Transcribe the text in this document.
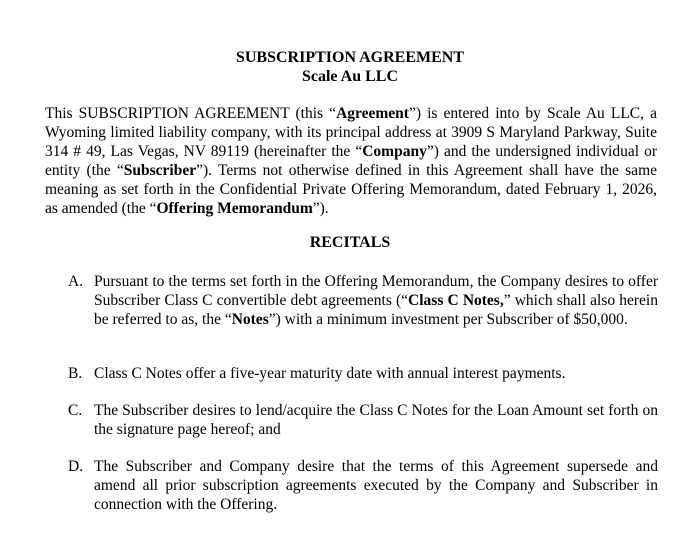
SUBSCRIPTION AGREEMENT

Scale Au LLC

This SUBSCRIPTION AGREEMENT (this “Agreement”) is entered into by Scale Au LLC, a Wyoming limited liability company, with its principal address at 3909 S Maryland Parkway, Suite 314 # 49, Las Vegas, NV 89119 (hereinafter the “Company”) and the undersigned individual or entity (the “Subscriber”). Terms not otherwise defined in this Agreement shall have the same meaning as set forth in the Confidential Private Offering Memorandum, dated February 1, 2026, as amended (the “Offering Memorandum”).

RECITALS

A. Pursuant to the terms set forth in the Offering Memorandum, the Company desires to offer Subscriber Class C convertible debt agreements (“Class C Notes,” which shall also herein be referred to as, the “Notes”) with a minimum investment per Subscriber of $50,000.
B. Class C Notes offer a five-year maturity date with annual interest payments.
C. The Subscriber desires to lend/acquire the Class C Notes for the Loan Amount set forth on the signature page hereof; and
D. The Subscriber and Company desire that the terms of this Agreement supersede and amend all prior subscription agreements executed by the Company and Subscriber in connection with the Offering.
